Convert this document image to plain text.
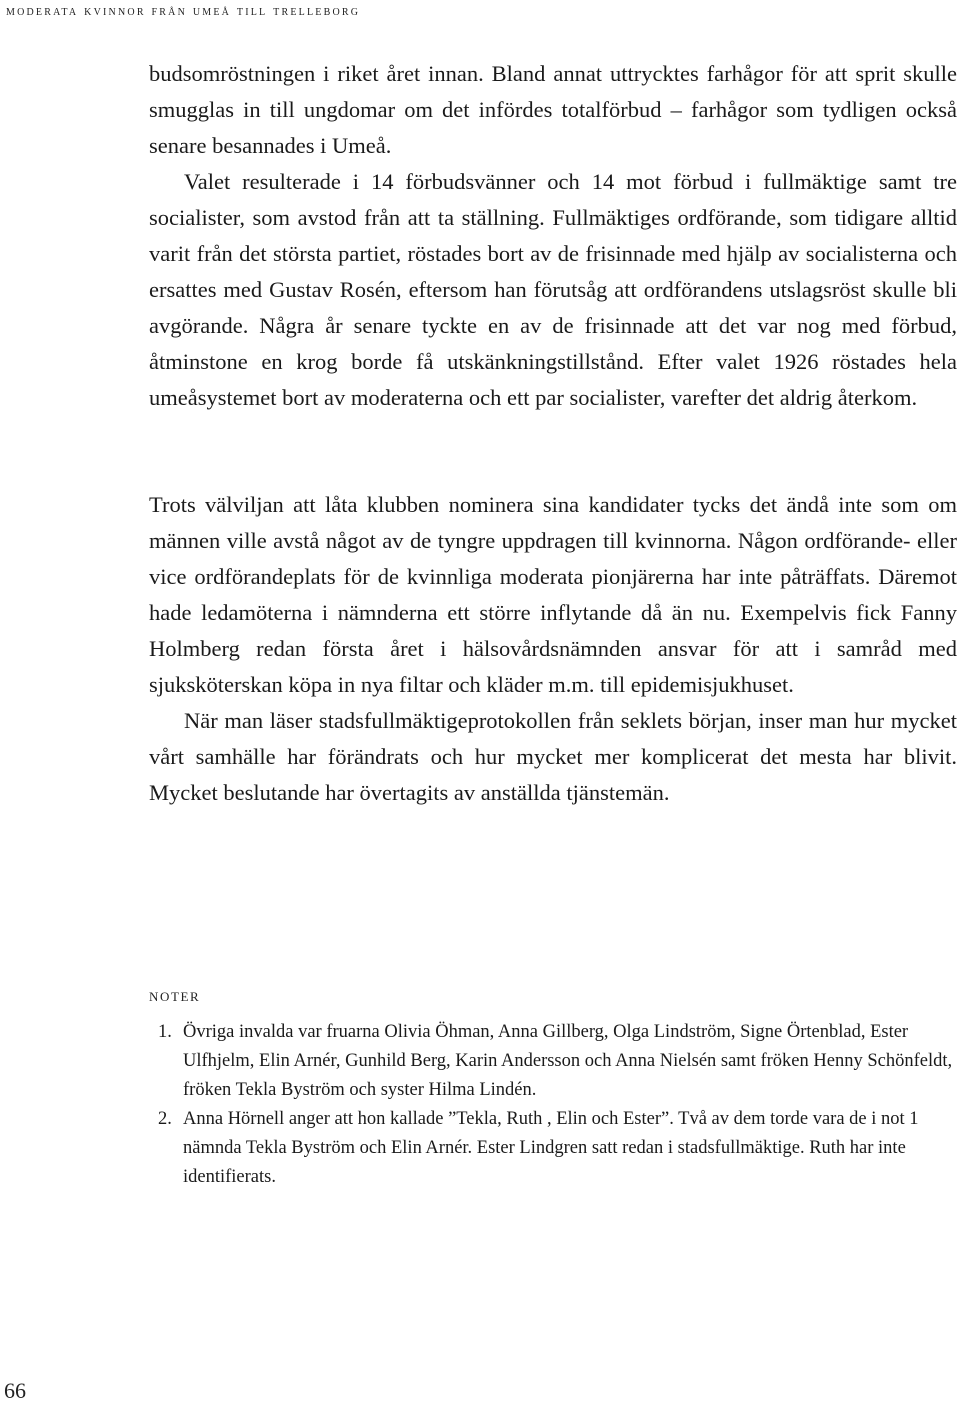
moderata kvinnor från umeå till trelleborg

budsomröstningen i riket året innan. Bland annat uttrycktes farhågor för att sprit skulle smugglas in till ungdomar om det infördes totalförbud – farhågor som tydligen också senare besannades i Umeå.

Valet resulterade i 14 förbudsvänner och 14 mot förbud i fullmäktige samt tre socialister, som avstod från att ta ställning. Fullmäktiges ordförande, som tidigare alltid varit från det största partiet, röstades bort av de frisinnade med hjälp av socialisterna och ersattes med Gustav Rosén, eftersom han förutsåg att ordförandens utslagsröst skulle bli avgörande. Några år senare tyckte en av de frisinnade att det var nog med förbud, åtminstone en krog borde få utskänkningstillstånd. Efter valet 1926 röstades hela umeåsystemet bort av moderaterna och ett par socialister, varefter det aldrig återkom.

Trots välviljan att låta klubben nominera sina kandidater tycks det ändå inte som om männen ville avstå något av de tyngre uppdragen till kvinnorna. Någon ordförande- eller vice ordförandeplats för de kvinnliga moderata pionjärerna har inte påträffats. Däremot hade ledamöterna i nämnderna ett större inflytande då än nu. Exempelvis fick Fanny Holmberg redan första året i hälsovårdsnämnden ansvar för att i samråd med sjuksköterskan köpa in nya filtar och kläder m.m. till epidemisjukhuset.

När man läser stadsfullmäktigeprotokollen från seklets början, inser man hur mycket vårt samhälle har förändrats och hur mycket mer komplicerat det mesta har blivit. Mycket beslutande har övertagits av anställda tjänstemän.

noter
1. Övriga invalda var fruarna Olivia Öhman, Anna Gillberg, Olga Lindström, Signe Örtenblad, Ester Ulfhjelm, Elin Arnér, Gunhild Berg, Karin Andersson och Anna Nielsén samt fröken Henny Schönfeldt, fröken Tekla Byström och syster Hilma Lindén.
2. Anna Hörnell anger att hon kallade ”Tekla, Ruth , Elin och Ester”. Två av dem torde vara de i not 1 nämnda Tekla Byström och Elin Arnér. Ester Lindgren satt redan i stadsfullmäktige. Ruth har inte identifierats.
66
